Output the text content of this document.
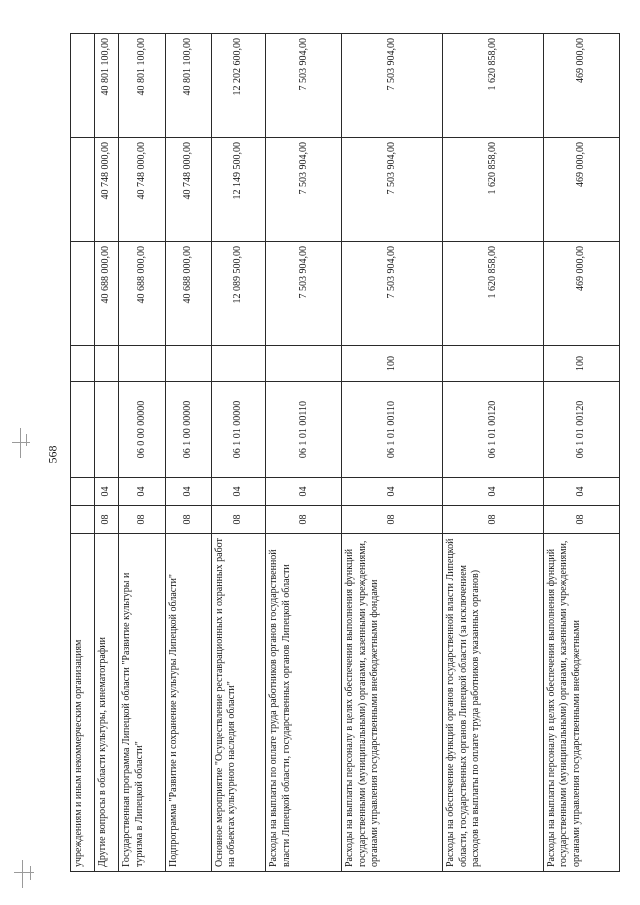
568
учреждениям и иным некоммерческим организациям							
Другие вопросы в области культуры, кинематографии	08	04			40 688 000,00	40 748 000,00	40 801 100,00
Государственная программа Липецкой области "Развитие культуры и туризма в Липецкой области"	08	04	06 0 00 00000		40 688 000,00	40 748 000,00	40 801 100,00
Подпрограмма "Развитие и сохранение культуры Липецкой области"	08	04	06 1 00 00000		40 688 000,00	40 748 000,00	40 801 100,00
Основное мероприятие "Осуществление реставрационных и охранных работ на объектах культурного наследия области"	08	04	06 1 01 00000		12 089 500,00	12 149 500,00	12 202 600,00
Расходы на выплаты по оплате труда работников органов государственной власти Липецкой области, государственных органов Липецкой области	08	04	06 1 01 00110		7 503 904,00	7 503 904,00	7 503 904,00
Расходы на выплаты персоналу в целях обеспечения выполнения функций государственными (муниципальными) органами, казенными учреждениями, органами управления государственными внебюджетными фондами	08	04	06 1 01 00110	100	7 503 904,00	7 503 904,00	7 503 904,00
Расходы на обеспечение функций органов государственной власти Липецкой области, государственных органов Липецкой области (за исключением расходов на выплаты по оплате труда работников указанных органов)	08	04	06 1 01 00120		1 620 858,00	1 620 858,00	1 620 858,00
Расходы на выплаты персоналу в целях обеспечения выполнения функций государственными (муниципальными) органами, казенными учреждениями, органами управления государственными внебюджетными	08	04	06 1 01 00120	100	469 000,00	469 000,00	469 000,00
